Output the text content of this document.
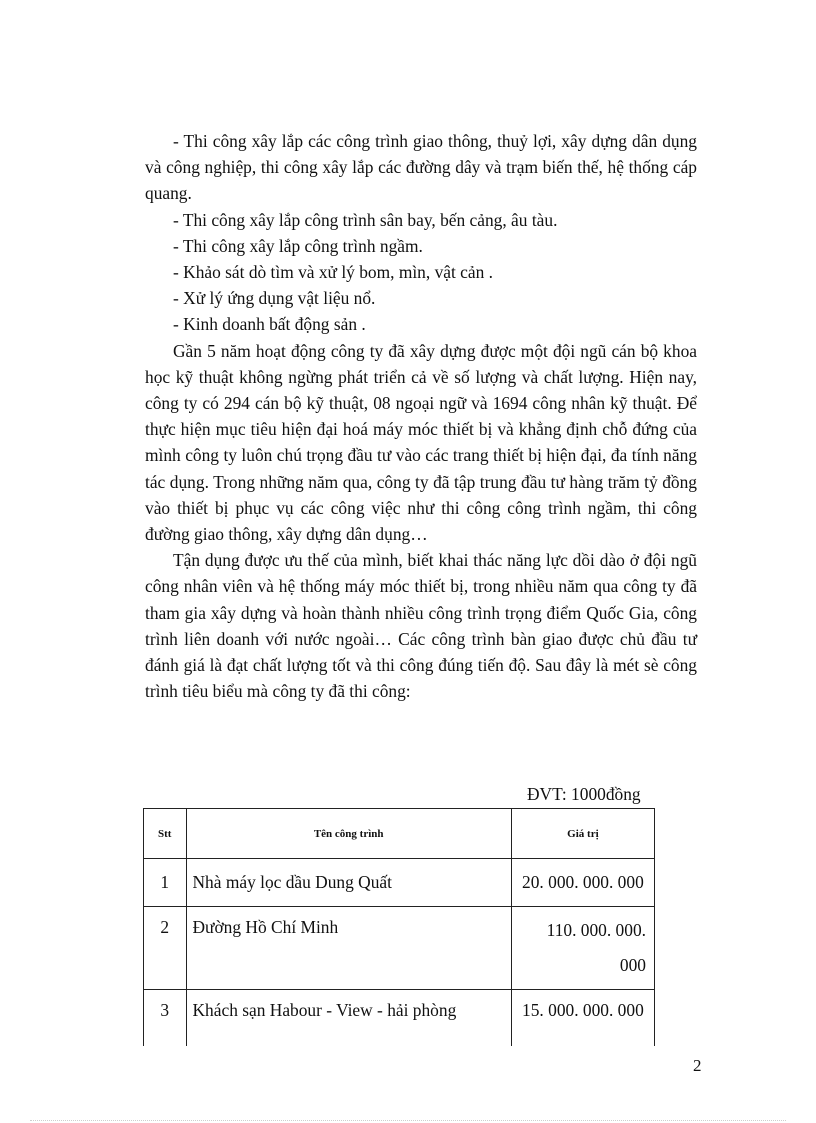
- Thi công xây lắp các công trình giao thông, thuỷ lợi, xây dựng dân dụng và công nghiệp, thi công xây lắp các đường dây và trạm biến thế, hệ thống cáp quang.

- Thi công xây lắp công trình sân bay, bến cảng, âu tàu.

- Thi công xây lắp công trình ngầm.

- Khảo sát dò tìm và xử lý bom, mìn, vật cản .

- Xử lý ứng dụng vật liệu nổ.

- Kinh doanh bất động sản .

Gần 5 năm hoạt động công ty đã xây dựng được một đội ngũ cán bộ khoa học kỹ thuật không ngừng phát triển cả về số lượng và chất lượng. Hiện nay, công ty có 294 cán bộ kỹ thuật, 08 ngoại ngữ và 1694 công nhân kỹ thuật. Để thực hiện mục tiêu hiện đại hoá máy móc thiết bị và khẳng định chỗ đứng của mình công ty luôn chú trọng đầu tư vào các trang thiết bị hiện đại, đa tính năng tác dụng. Trong những năm qua, công ty đã tập trung đầu tư hàng trăm tỷ đồng vào thiết bị phục vụ các công việc như thi công công trình ngầm, thi công đường giao thông, xây dựng dân dụng…

Tận dụng được ưu thế của mình, biết khai thác năng lực dồi dào ở đội ngũ công nhân viên và hệ thống máy móc thiết bị, trong nhiều năm qua công ty đã tham gia xây dựng và hoàn thành nhiều công trình trọng điểm Quốc Gia, công trình liên doanh với nước ngoài… Các công trình bàn giao được chủ đầu tư đánh giá là đạt chất lượng tốt và thi công đúng tiến độ. Sau đây là mét sè công trình tiêu biểu mà công ty đã thi công:

ĐVT: 1000đồng
Stt	Tên công trình	Giá trị
1	Nhà máy lọc dầu Dung Quất	20. 000. 000. 000
2	Đường Hồ Chí Minh	110. 000. 000.
000

3	Khách sạn Habour - View - hải phòng	15. 000. 000. 000
2
